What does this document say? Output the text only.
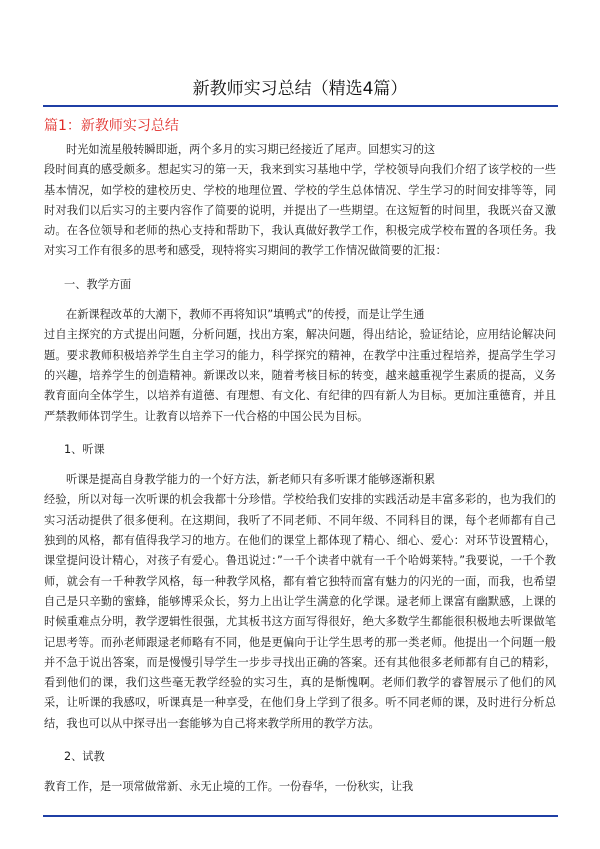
新教师实习总结（精选4篇）
篇1：新教师实习总结

时光如流星般转瞬即逝，两个多月的实习期已经接近了尾声。回想实习的这

段时间真的感受颇多。想起实习的第一天，我来到实习基地中学，学校领导向我们介绍了该学校的一些基本情况，如学校的建校历史、学校的地理位置、学校的学生总体情况、学生学习的时间安排等等，同时对我们以后实习的主要内容作了简要的说明，并提出了一些期望。在这短暂的时间里，我既兴奋又激动。在各位领导和老师的热心支持和帮助下，我认真做好教学工作，积极完成学校布置的各项任务。我对实习工作有很多的思考和感受，现特将实习期间的教学工作情况做简要的汇报：

一、教学方面

在新课程改革的大潮下，教师不再将知识”填鸭式”的传授，而是让学生通

过自主探究的方式提出问题，分析问题，找出方案，解决问题，得出结论，验证结论，应用结论解决问题。要求教师积极培养学生自主学习的能力，科学探究的精神，在教学中注重过程培养，提高学生学习的兴趣，培养学生的创造精神。新课改以来，随着考核目标的转变，越来越重视学生素质的提高，义务教育面向全体学生，以培养有道德、有理想、有文化、有纪律的四有新人为目标。更加注重德育，并且严禁教师体罚学生。让教育以培养下一代合格的中国公民为目标。

1、听课

听课是提高自身教学能力的一个好方法，新老师只有多听课才能够逐渐积累

经验，所以对每一次听课的机会我都十分珍惜。学校给我们安排的实践活动是丰富多彩的，也为我们的实习活动提供了很多便利。在这期间，我听了不同老师、不同年级、不同科目的课，每个老师都有自己独到的风格，都有值得我学习的地方。在他们的课堂上都体现了精心、细心、爱心：对环节设置精心，课堂提问设计精心，对孩子有爱心。鲁迅说过：”一千个读者中就有一千个哈姆莱特。”我要说，一千个教师，就会有一千种教学风格，每一种教学风格，都有着它独特而富有魅力的闪光的一面，而我，也希望自己是只辛勤的蜜蜂，能够博采众长，努力上出让学生满意的化学课。逯老师上课富有幽默感，上课的时候重难点分明，教学逻辑性很强，尤其板书这方面写得很好，绝大多数学生都能很积极地去听课做笔记思考等。而孙老师跟逯老师略有不同，他是更偏向于让学生思考的那一类老师。他提出一个问题一般并不急于说出答案，而是慢慢引导学生一步步寻找出正确的答案。还有其他很多老师都有自己的精彩，看到他们的课，我们这些毫无教学经验的实习生，真的是惭愧啊。老师们教学的睿智展示了他们的风采，让听课的我感叹，听课真是一种享受，在他们身上学到了很多。听不同老师的课，及时进行分析总结，我也可以从中探寻出一套能够为自己将来教学所用的教学方法。

2、试教

教育工作，是一项常做常新、永无止境的工作。一份春华，一份秋实，让我
